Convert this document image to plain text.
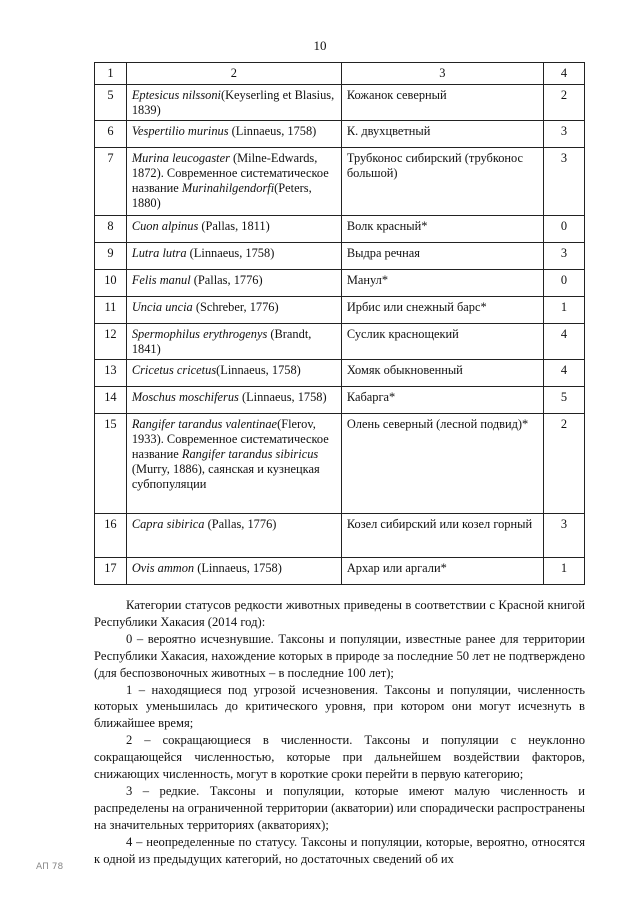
10
1	2	3	4
5	Eptesicus nilssoni(Keyserling et Blasius, 1839)	Кожанок северный	2
6	Vespertilio murinus (Linnaeus, 1758)	К. двухцветный	3
7	Murina leucogaster (Milne-Edwards, 1872). Современное систематическое название Murinahilgendorfi(Peters, 1880)	Трубконос сибирский (трубконос большой)	3
8	Cuon alpinus (Pallas, 1811)	Волк красный*	0
9	Lutra lutra (Linnaeus, 1758)	Выдра речная	3
10	Felis manul (Pallas, 1776)	Манул*	0
11	Uncia uncia (Schreber, 1776)	Ирбис или снежный барс*	1
12	Spermophilus erythrogenys (Brandt, 1841)	Суслик краснощекий	4
13	Cricetus cricetus(Linnaeus, 1758)	Хомяк обыкновенный	4
14	Moschus moschiferus (Linnaeus, 1758)	Кабарга*	5
15	Rangifer tarandus valentinae(Flerov, 1933). Современное систематическое название Rangifer tarandus sibiricus (Murry, 1886), саянская и кузнецкая субпопуляции	Олень северный (лесной подвид)*	2
16	Capra sibirica (Pallas, 1776)	Козел сибирский или козел горный	3
17	Ovis ammon (Linnaeus, 1758)	Архар или аргали*	1

Категории статусов редкости животных приведены в соответствии с Красной книгой Республики Хакасия (2014 год):

0 – вероятно исчезнувшие. Таксоны и популяции, известные ранее для территории Республики Хакасия, нахождение которых в природе за последние 50 лет не подтверждено (для беспозвоночных животных – в последние 100 лет);

1 – находящиеся под угрозой исчезновения. Таксоны и популяции, численность которых уменьшилась до критического уровня, при котором они могут исчезнуть в ближайшее время;

2 – сокращающиеся в численности. Таксоны и популяции с неуклонно сокращающейся численностью, которые при дальнейшем воздействии факторов, снижающих численность, могут в короткие сроки перейти в первую категорию;

3 – редкие. Таксоны и популяции, которые имеют малую численность и распределены на ограниченной территории (акватории) или спорадически распространены на значительных территориях (акваториях);

4 – неопределенные по статусу. Таксоны и популяции, которые, вероятно, относятся к одной из предыдущих категорий, но достаточных сведений об их

АП 78
